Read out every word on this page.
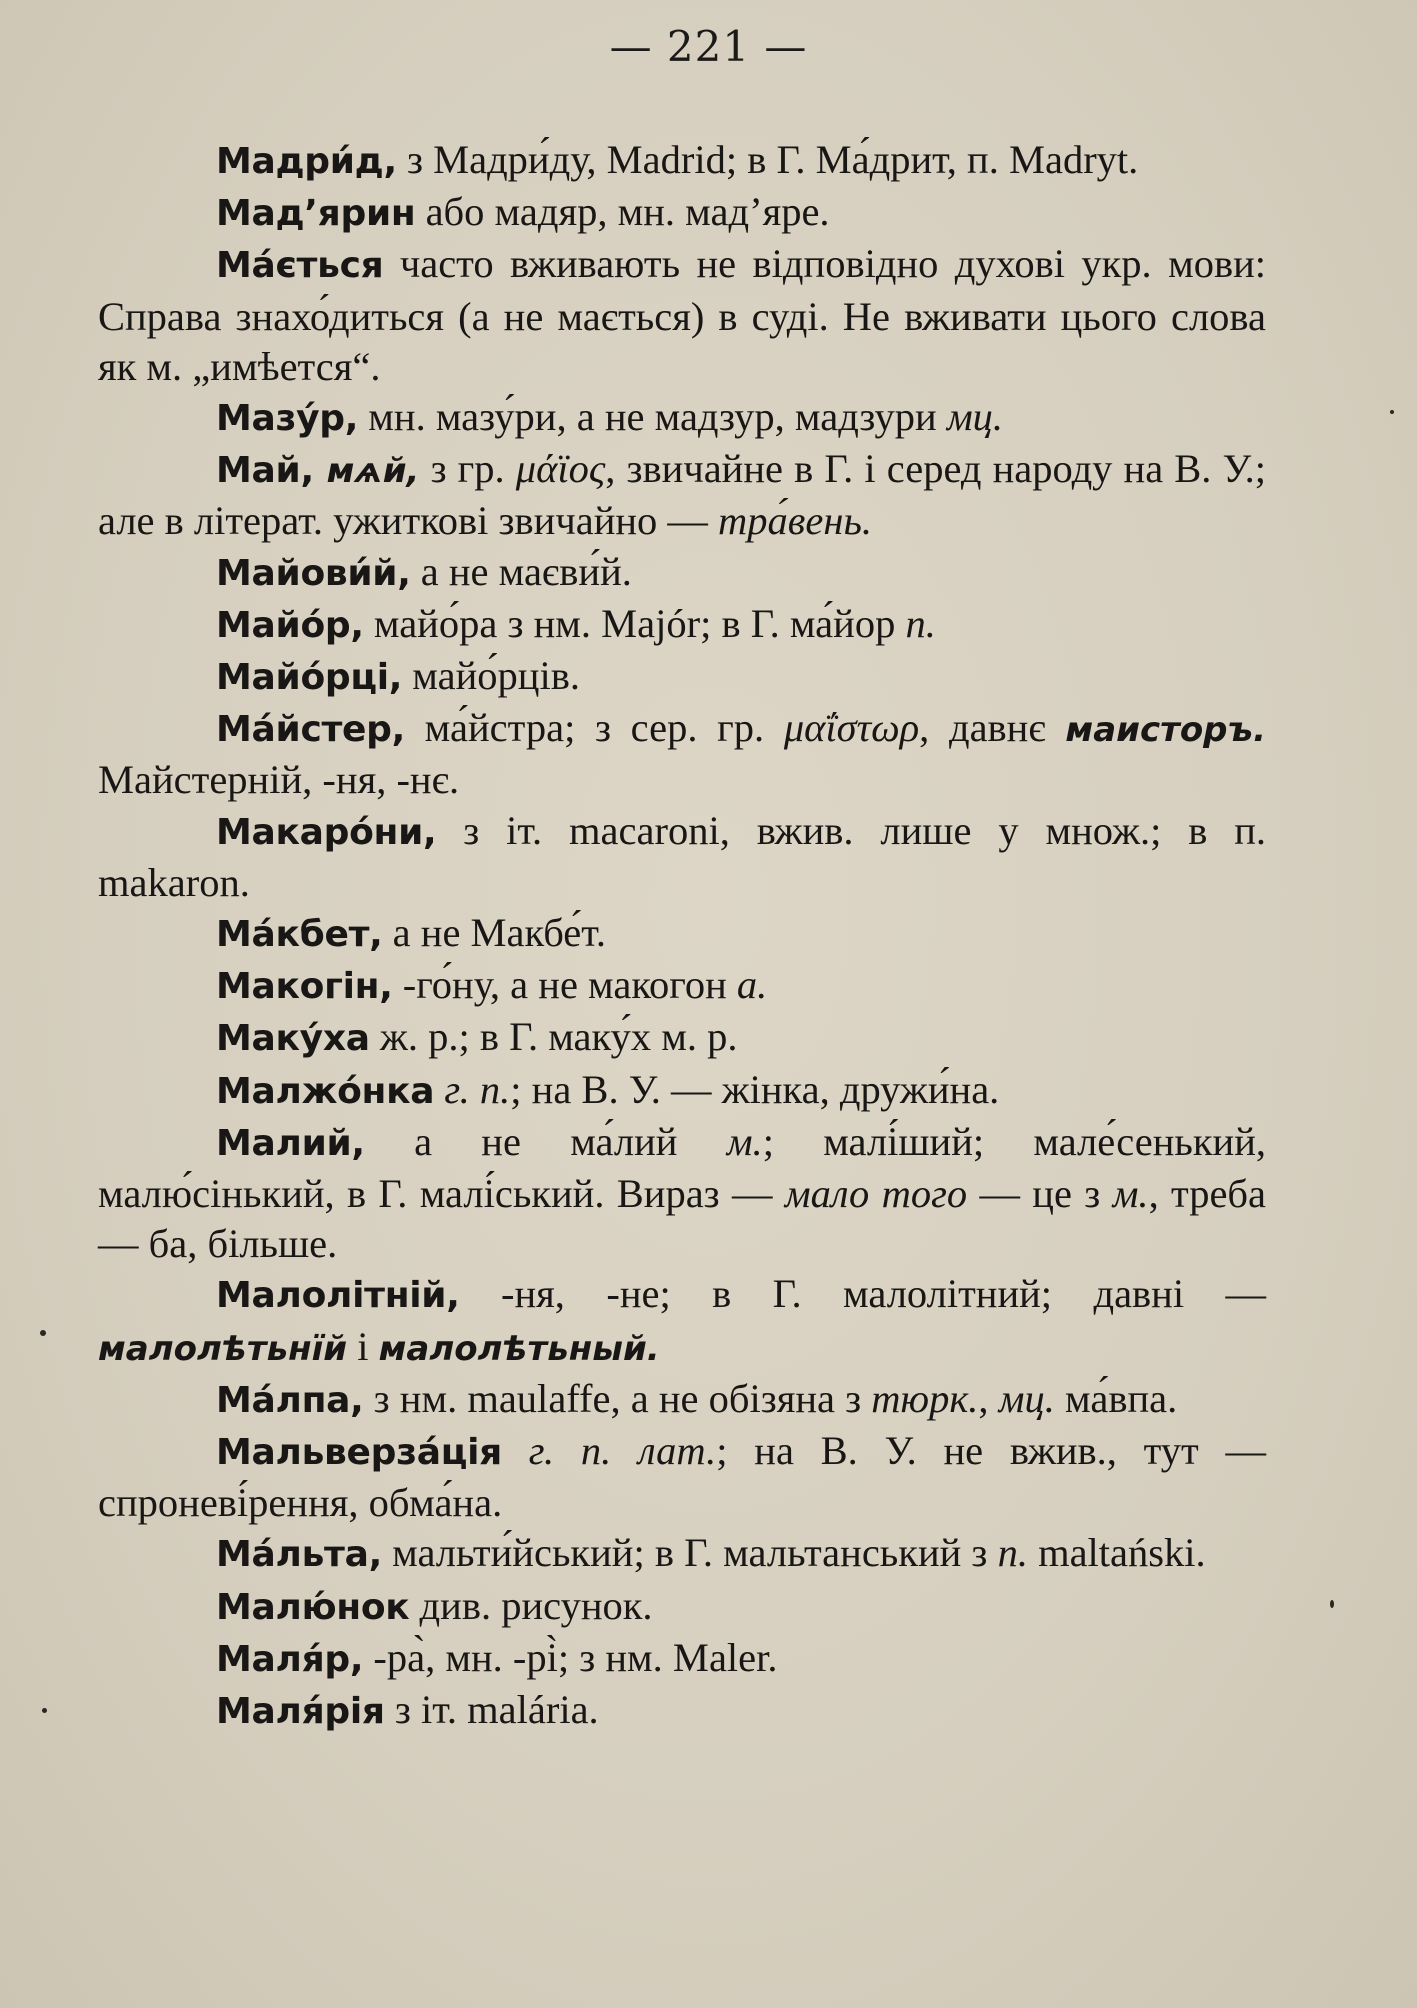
— 221 —

Мадри́д, з Мадри́ду, Madrid; в Г. Ма́дрит, п. Madryt.

Мад’ярин або мадяр, мн. мад’яре.

Ма́ється часто вживають не відповідно духові укр. мови: Справа знахо́диться (а не мається) в суді. Не вживати цього слова як м. „имѣется“.

Мазу́р, мн. мазу́ри, а не мадзур, мадзури мц.

Май, мѧй, з гр. μάϊος, звичайне в Г. і серед народу на В. У.; але в літерат. ужиткові звичайно — тра́вень.

Майови́й, а не маєви́й.

Майо́р, майо́ра з нм. Majór; в Г. ма́йор п.

Майо́рці, майо́рців.

Ма́йстер, ма́йстра; з сер. гр. μαΐστωρ, давнє маисторъ. Майстерній, -ня, -нє.

Макаро́ни, з іт. macaroni, вжив. лише у множ.; в п. makaron.

Ма́кбет, а не Макбе́т.

Макогін, -го́ну, а не макогон а.

Маку́ха ж. р.; в Г. маку́х м. р.

Малжо́нка г. п.; на В. У. — жінка, дружи́на.

Малий, а не ма́лий м.; малі́ший; мале́сенький, малю́сінький, в Г. малі́ський. Вираз — мало того — це з м., треба — ба, більше.

Малолітній, -ня, -не; в Г. малолітний; давні — малолѣтьнїй і малолѣтьный.

Ма́лпа, з нм. maulaffe, а не обізяна з тюрк., мц. ма́впа.

Мальверза́ція г. п. лат.; на В. У. не вжив., тут — спроневі́рення, обма́на.

Ма́льта, мальти́йський; в Г. мальтанський з п. maltański.

Малю́нок див. рисунок.

Маля́р, -ра̀, мн. -рі̀; з нм. Maler.

Маля́рія з іт. malária.
